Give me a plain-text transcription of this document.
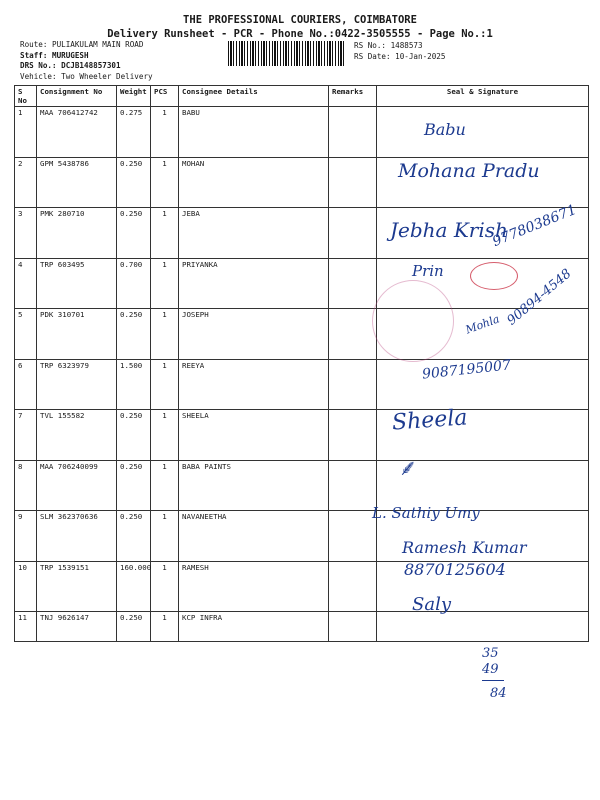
THE PROFESSIONAL COURIERS, COIMBATORE
Delivery Runsheet - PCR - Phone No.:0422-3505555 - Page No.:1
Route: PULIAKULAM MAIN ROAD
Staff: MURUGESH
DRS No.: DCJB148857301
Vehicle: Two Wheeler Delivery
RS No.: 1488573
RS Date: 10-Jan-2025
S No	Consignment No	Weight	PCS	Consignee Details	Remarks	Seal & Signature
1	MAA 706412742	0.275	1	BABU		
2	GPM 5438786	0.250	1	MOHAN		
3	PMK 280710	0.250	1	JEBA		
4	TRP 603495	0.700	1	PRIYANKA		
5	PDK 310701	0.250	1	JOSEPH		
6	TRP 6323979	1.500	1	REEYA		
7	TVL 155582	0.250	1	SHEELA		
8	MAA 706240099	0.250	1	BABA PAINTS		
9	SLM 362370636	0.250	1	NAVANEETHA		
10	TRP 1539151	160.000	1	RAMESH		
11	TNJ 9626147	0.250	1	KCP INFRA		
Babu
Mohana Pradu
Jebha Krish
9778038671
Prin	90894-4548
Mohla
9087195007
Sheela
⸙
L. Sathiy Umy
Ramesh Kumar
8870125604
Saly
35
49
84
